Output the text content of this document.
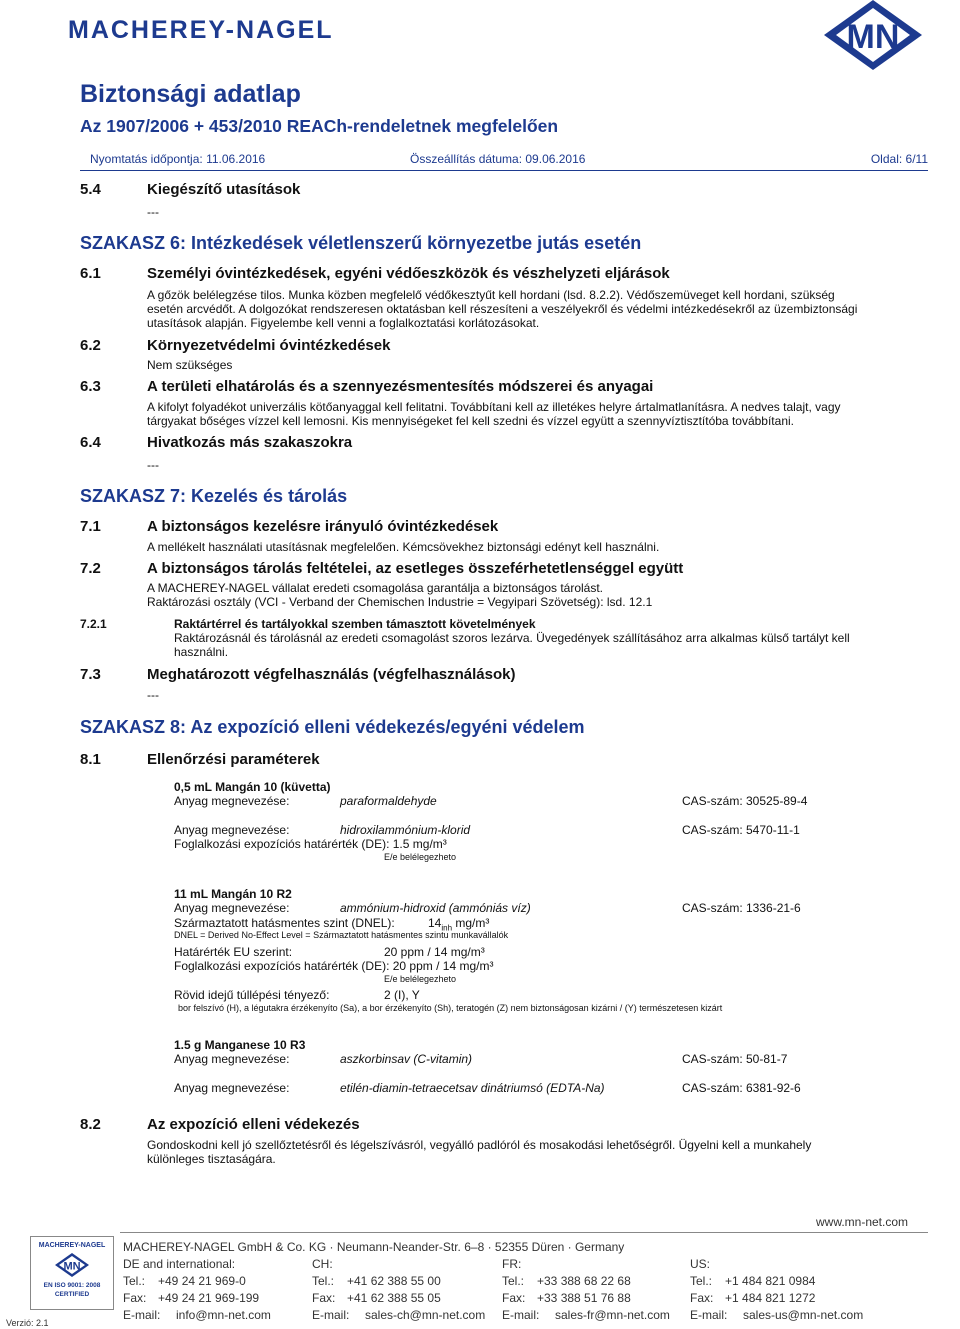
MACHEREY-NAGEL	MN
Biztonsági adatlap
Az 1907/2006 + 453/2010 REACh-rendeletnek megfelelően
Nyomtatás időpontja: 11.06.2016	Összeállítás dátuma: 09.06.2016	Oldal: 6/11
5.4	Kiegészítő utasítások
---
SZAKASZ 6: Intézkedések véletlenszerű környezetbe jutás esetén
6.1	Személyi óvintézkedések, egyéni védőeszközök és vészhelyzeti eljárások
A gőzök belélegzése tilos. Munka közben megfelelő védőkesztyűt kell hordani (lsd. 8.2.2). Védőszemüveget kell hordani, szükség
esetén arcvédőt. A dolgozókat rendszeresen oktatásban kell részesíteni a veszélyekről és védelmi intézkedésekről az üzembiztonsági
utasítások alapján. Figyelembe kell venni a foglalkoztatási korlátozásokat.
6.2	Környezetvédelmi óvintézkedések
Nem szükséges
6.3	A területi elhatárolás és a szennyezésmentesítés módszerei és anyagai
A kifolyt folyadékot univerzális kötőanyaggal kell felitatni. Továbbítani kell az illetékes helyre ártalmatlanításra. A nedves talajt, vagy
tárgyakat bőséges vízzel kell lemosni. Kis mennyiségeket fel kell szedni és vízzel együtt a szennyvíztisztítóba továbbítani.
6.4	Hivatkozás más szakaszokra
---
SZAKASZ 7: Kezelés és tárolás
7.1	A biztonságos kezelésre irányuló óvintézkedések
A mellékelt használati utasításnak megfelelően. Kémcsövekhez biztonsági edényt kell használni.
7.2	A biztonságos tárolás feltételei, az esetleges összeférhetetlenséggel együtt
A MACHEREY-NAGEL vállalat eredeti csomagolása garantálja a biztonságos tárolást.
Raktározási osztály (VCI - Verband der Chemischen Industrie = Vegyipari Szövetség): lsd. 12.1
7.2.1	Raktártérrel és tartályokkal szemben támasztott követelmények
Raktározásnál és tárolásnál az eredeti csomagolást szoros lezárva. Üvegedények szállításához arra alkalmas külső tartályt kell
használni.
7.3	Meghatározott végfelhasználás (végfelhasználások)
---
SZAKASZ 8: Az expozíció elleni védekezés/egyéni védelem
8.1	Ellenőrzési paraméterek
0,5 mL Mangán 10 (küvetta)
Anyag megnevezése:	paraformaldehyde	CAS-szám: 30525-89-4
Anyag megnevezése:	hidroxilammónium-klorid	CAS-szám: 5470-11-1
Foglalkozási expozíciós határérték (DE): 1.5 mg/m³
E/e belélegezheto
11 mL Mangán 10 R2
Anyag megnevezése:	ammónium-hidroxid (ammóniás víz)	CAS-szám: 1336-21-6
Származtatott hatásmentes szint (DNEL):	$14_{inh}$ mg/m³
DNEL = Derived No-Effect Level = Származtatott hatásmentes szintu munkavállalók
Határérték EU szerint:	20 ppm / 14 mg/m³
Foglalkozási expozíciós határérték (DE): 20 ppm / 14 mg/m³
E/e belélegezheto
Rövid idejű túllépési tényező:	2 (I), Y
bor felszívó (H), a légutakra érzékenyíto (Sa), a bor érzékenyíto (Sh), teratogén (Z) nem biztonságosan kizárni / (Y) természetesen kizárt
1.5 g Manganese 10 R3
Anyag megnevezése:	aszkorbinsav (C-vitamin)	CAS-szám: 50-81-7
Anyag megnevezése:	etilén-diamin-tetraecetsav dinátriumsó (EDTA-Na)	CAS-szám: 6381-92-6
8.2	Az expozíció elleni védekezés
Gondoskodni kell jó szellőztetésről és légelszívásról, vegyálló padlóról és mosakodási lehetőségről. Ügyelni kell a munkahely
különleges tisztaságára.
www.mn-net.com
MACHEREY-NAGEL
MN
EN ISO 9001: 2008
CERTIFIED
MACHEREY-NAGEL GmbH & Co. KG · Neumann-Neander-Str. 6–8 · 52355 Düren · Germany
DE and international:
Tel.: +49 24 21 969-0
Fax: +49 24 21 969-199
E-mail: info@mn-net.com
CH:
Tel.: +41 62 388 55 00
Fax: +41 62 388 55 05
E-mail: sales-ch@mn-net.com
FR:
Tel.: +33 388 68 22 68
Fax: +33 388 51 76 88
E-mail: sales-fr@mn-net.com
US:
Tel.: +1 484 821 0984
Fax: +1 484 821 1272
E-mail: sales-us@mn-net.com
Verzió: 2.1
